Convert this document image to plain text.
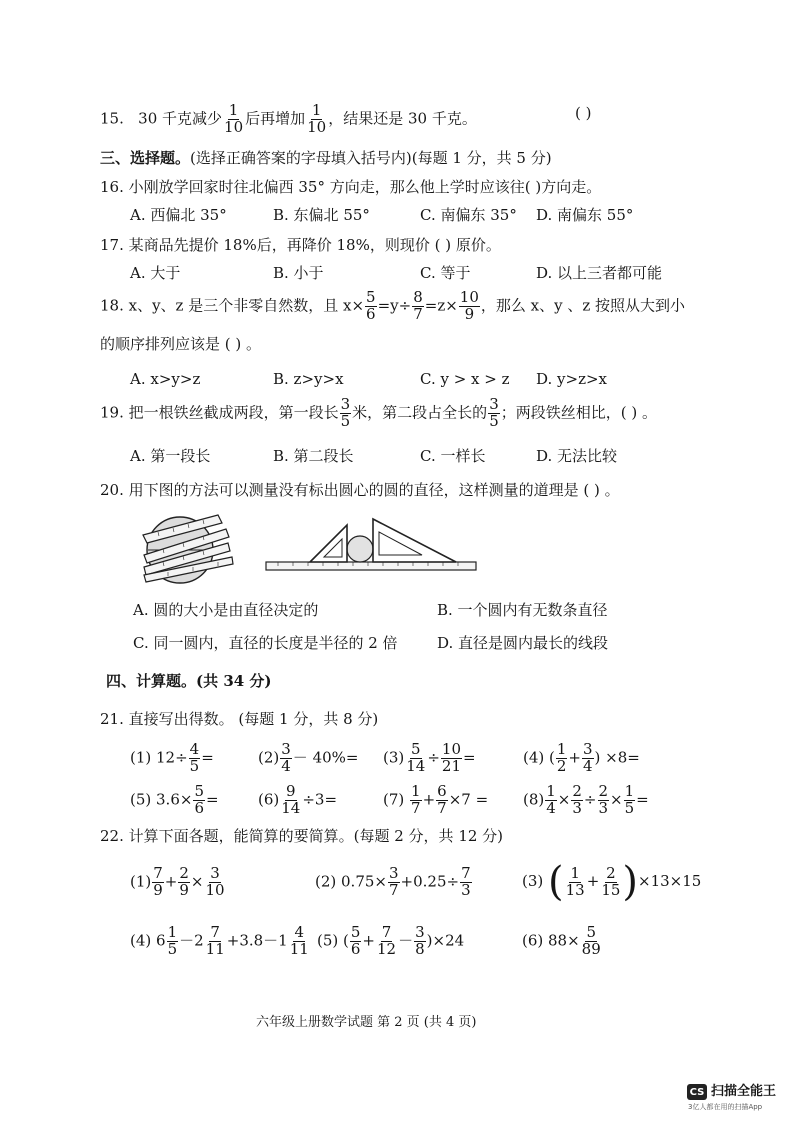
15. 30 千克减少 $\frac{1}{10}$ 后再增加 $\frac{1}{10}$ ，结果还是 30 千克。	( )
三、选择题。(选择正确答案的字母填入括号内)(每题 1 分，共 5 分)
16. 小刚放学回家时往北偏西 35° 方向走，那么他上学时应该往( )方向走。
A. 西偏北 35°	B. 东偏北 55°	C. 南偏东 35° D. 南偏东 55°
17. 某商品先提价 18%后，再降价 18%，则现价 ( ) 原价。
A. 大于	B. 小于	C. 等于	D. 以上三者都可能
18. x、y、z 是三个非零自然数，且 $x\times \frac{5}{6} =y\div \frac{8}{7} =z\times \frac{10}{9}$ ，那么 x、y 、z 按照从大到小
的顺序排列应该是 ( ) 。
A. x>y>z	B. z>y>x	C. y > x > z D. y>z>x
19. 把一根铁丝截成两段，第一段长 $\frac{3}{5}$ 米，第二段占全长的 $\frac{3}{5}$ ；两段铁丝相比，( ) 。
A. 第一段长	B. 第二段长	C. 一样长	D. 无法比较
20. 用下图的方法可以测量没有标出圆心的圆的直径，这样测量的道理是 ( ) 。
A. 圆的大小是由直径决定的	B. 一个圆内有无数条直径
C. 同一圆内，直径的长度是半径的 2 倍	D. 直径是圆内最长的线段
四、计算题。(共 34 分)
21. 直接写出得数。 (每题 1 分，共 8 分)
(1) $12\div \frac{4}{5}$ =	$(2) \frac{3}{4} - 40\%= (3) \frac{5}{14} \div \frac{10}{21}$ =	(4) ( $\frac{1}{2} + \frac{3}{4}$ ) ×8=
(5) $3.6\times \frac{5}{6}$ =	$(6) \frac{9}{14} \div 3=$	$(7) \frac{1}{7} + \frac{6}{7} \times 7 = (8) \frac{1}{4} \times \frac{2}{3} \div \frac{2}{3} \times \frac{1}{5}$ =
22. 计算下面各题，能简算的要简算。(每题 2 分，共 12 分)
$(1) \frac{7}{9} + \frac{2}{9} \times \frac{3}{10}$	(2) $0.75\times \frac{3}{7} +0.25\div \frac{7}{3}$	(3) ( $\frac{1}{13} + \frac{2}{15} )\times 13\times 15$
(4) $6 \frac{1}{5} -2 \frac{7}{11} +3.8-1 \frac{4}{11} (5)$ ( $\frac{5}{6} + \frac{7}{12} - \frac{3}{8} )\times 24$	(6) $88\times \frac{5}{89}$
六年级上册数学试题 第 2 页 (共 4 页)
CS 扫描全能王
3亿人都在用的扫描App
